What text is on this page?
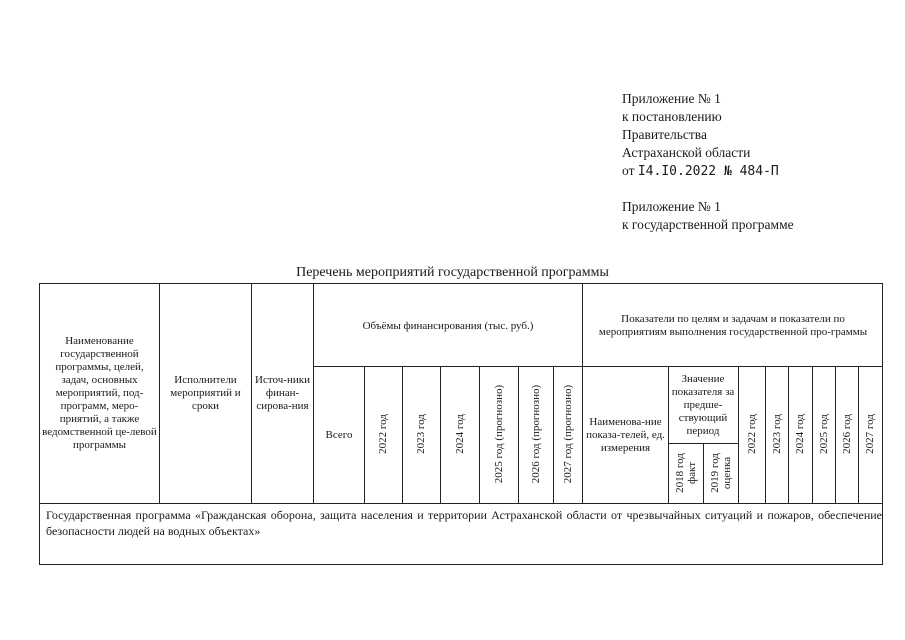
Приложение № 1
к постановлению
Правительства
Астраханской области
от I4.I0.2022 № 484-П
Приложение № 1
к государственной программе
Перечень мероприятий государственной программы
Наименование государственной программы, целей, задач, основных мероприятий, под-программ, меро-приятий, а также ведомственной це-левой программы
Исполнители мероприятий и сроки
Источ-ники финан-сирова-ния
Объёмы финансирования (тыс. руб.)
Показатели по целям и задачам и показатели по мероприятиям выполнения государственной про-граммы
Всего
Наименова-ние показа-телей, ед. измерения
Значение показателя за предше-ствующий период
2022 год 2023 год 2024 год 2025 год (прогнозно) 2026 год (прогнозно) 2027 год (прогнозно)	2018 год факт 2019 год оценка
2022 год 2023 год 2024 год 2025 год 2026 год 2027 год
Государственная программа «Гражданская оборона, защита населения и территории Астраханской области от чрезвычайных ситуаций и пожаров, обеспечение безопасности людей на водных объектах»
